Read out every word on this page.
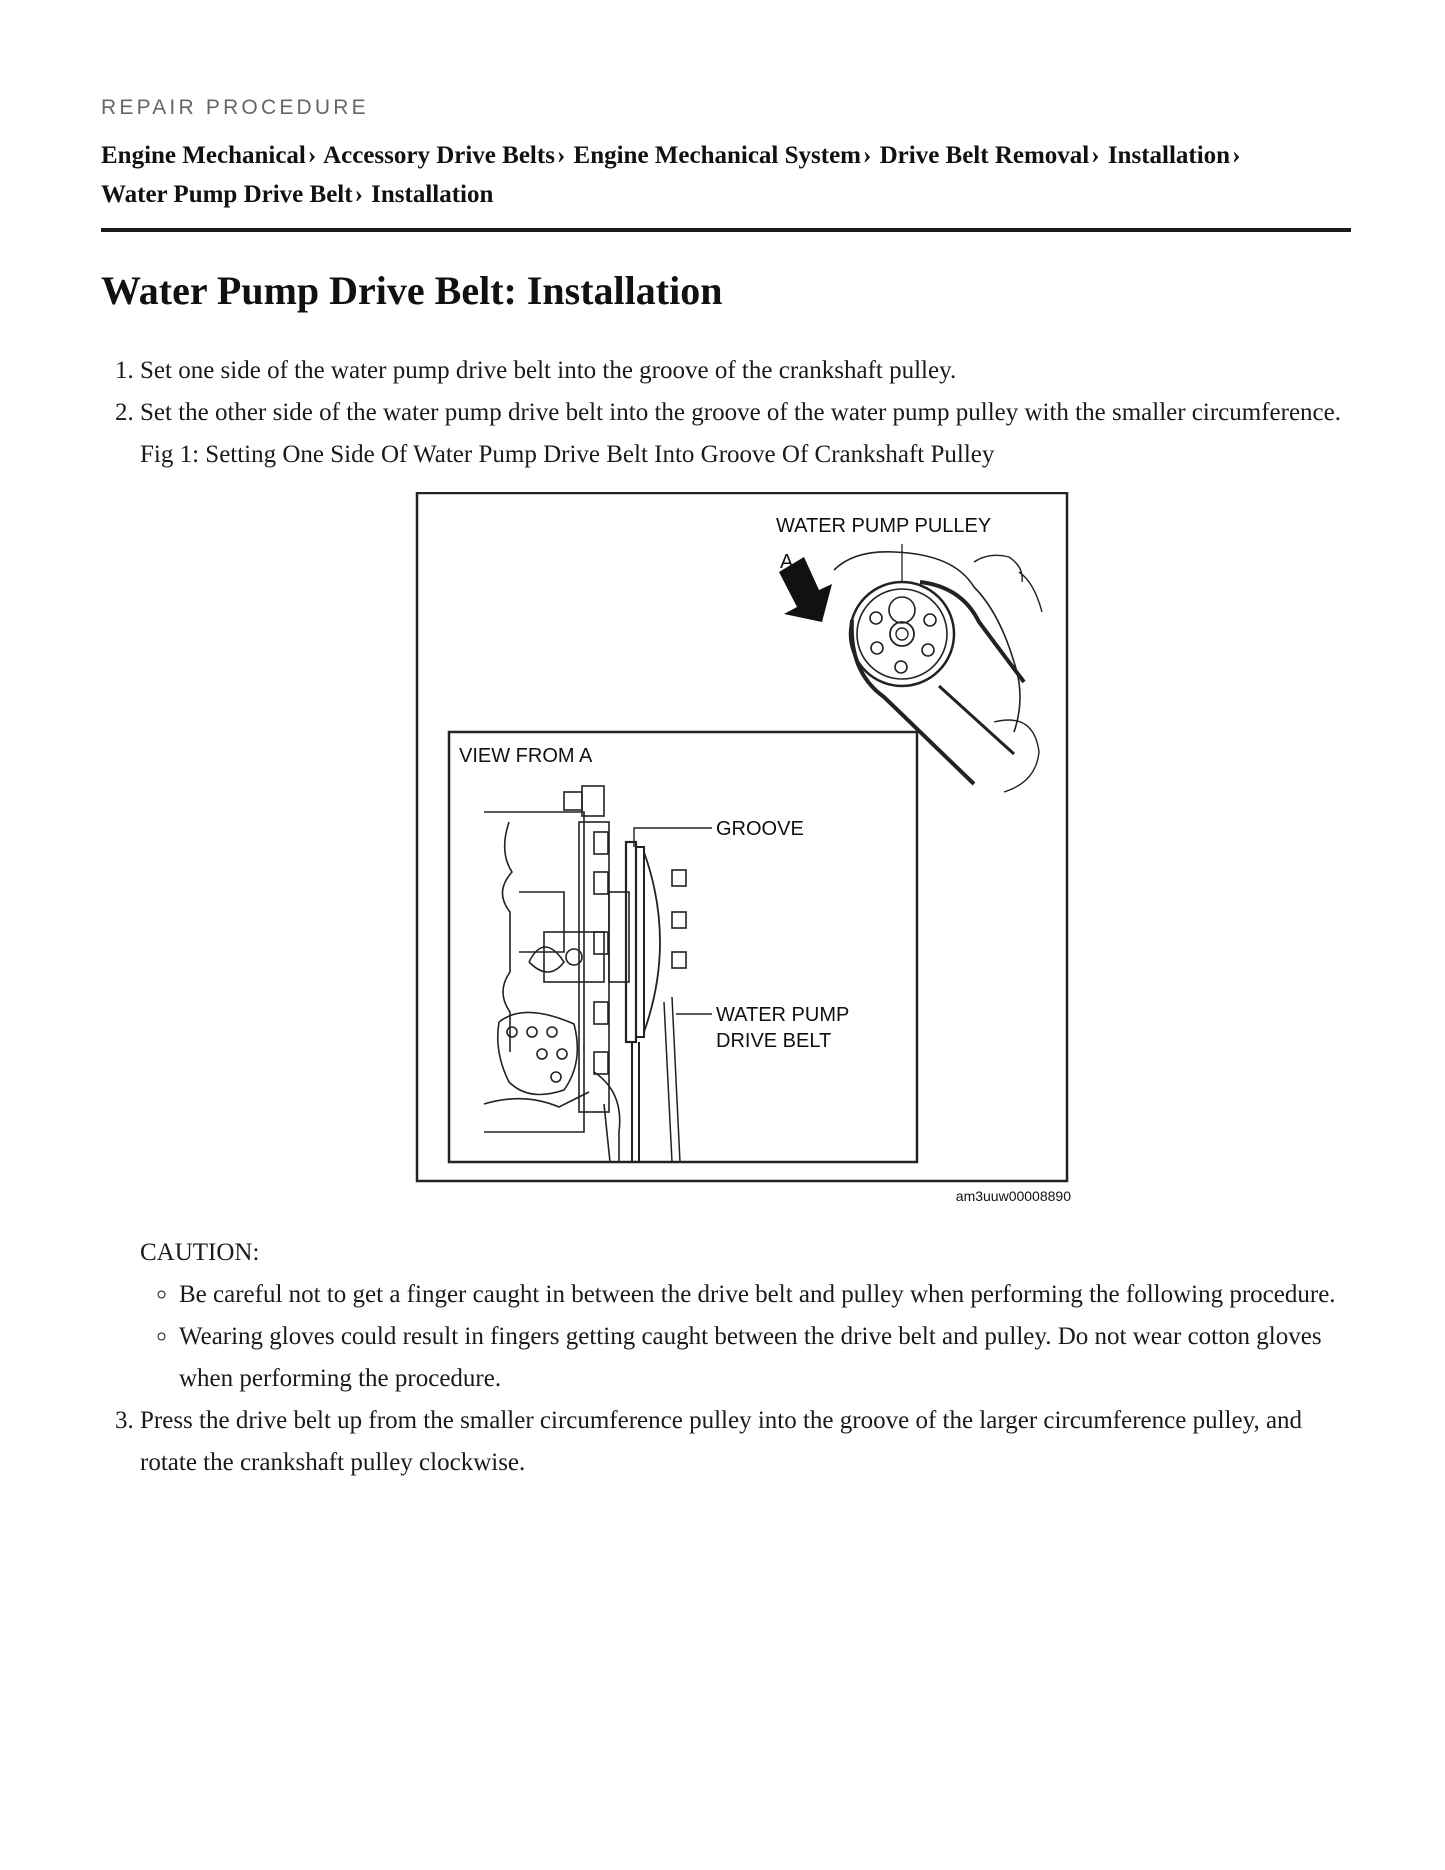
REPAIR PROCEDURE
Engine Mechanical› Accessory Drive Belts› Engine Mechanical System› Drive Belt Removal› Installation›
Water Pump Drive Belt› Installation
Water Pump Drive Belt: Installation
1. Set one side of the water pump drive belt into the groove of the crankshaft pulley.
2. Set the other side of the water pump drive belt into the groove of the water pump pulley with the smaller circumference.

Fig 1: Setting One Side Of Water Pump Drive Belt Into Groove Of Crankshaft Pulley

A
WATER PUMP PULLEY
VIEW FROM A
GROOVE
WATER PUMP
DRIVE BELT
am3uuw00008890

CAUTION:

◦ Be careful not to get a finger caught in between the drive belt and pulley when performing the following procedure.
◦ Wearing gloves could result in fingers getting caught between the drive belt and pulley. Do not wear cotton gloves when performing the procedure.
3. Press the drive belt up from the smaller circumference pulley into the groove of the larger circumference pulley, and rotate the crankshaft pulley clockwise.
